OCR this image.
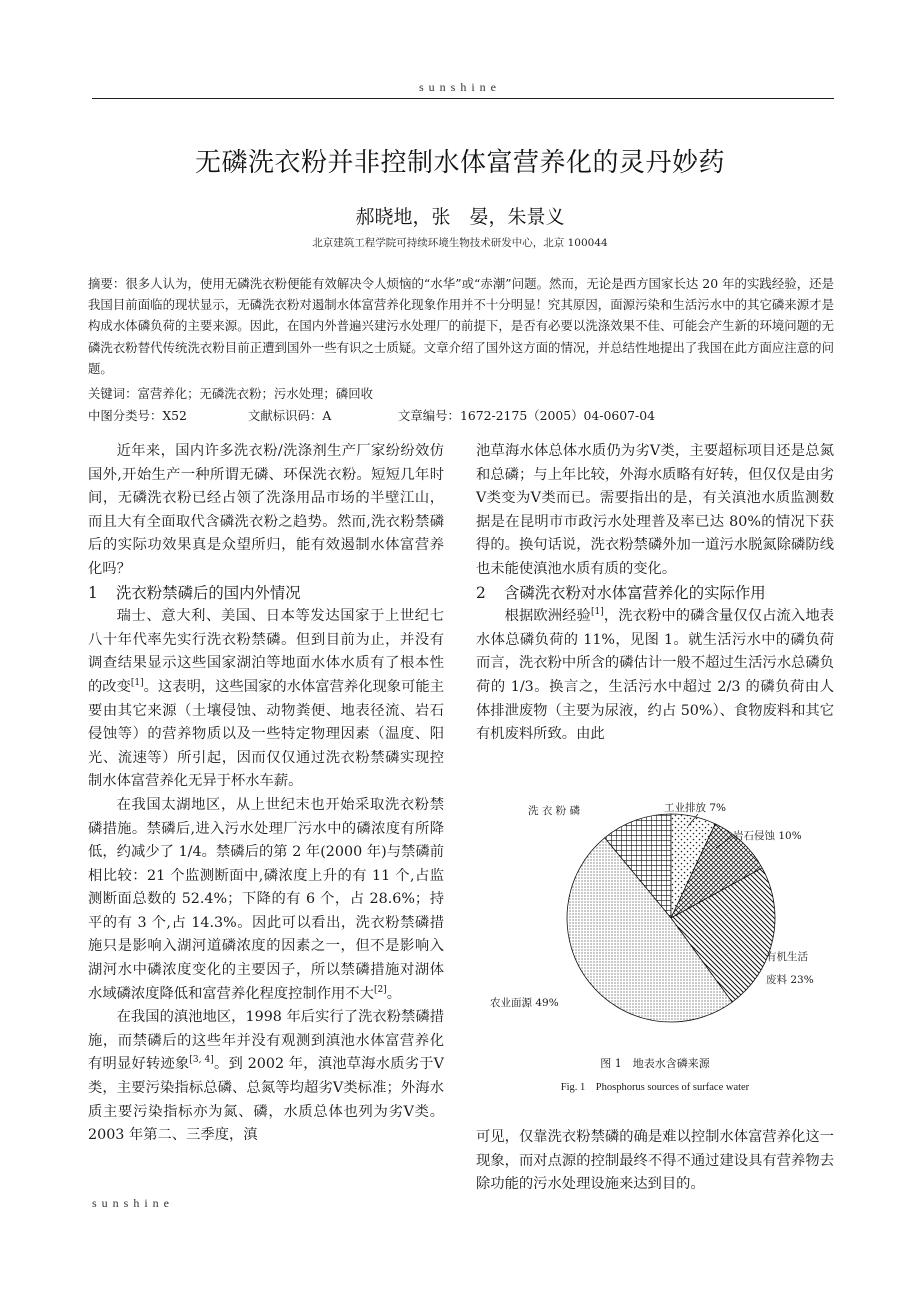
sunshine
无磷洗衣粉并非控制水体富营养化的灵丹妙药
郝晓地，张　晏，朱景义
北京建筑工程学院可持续环境生物技术研发中心，北京 100044
摘要：很多人认为，使用无磷洗衣粉便能有效解决令人烦恼的“水华”或“赤潮”问题。然而，无论是西方国家长达 20 年的实践经验，还是我国目前面临的现状显示，无磷洗衣粉对遏制水体富营养化现象作用并不十分明显！究其原因，面源污染和生活污水中的其它磷来源才是构成水体磷负荷的主要来源。因此，在国内外普遍兴建污水处理厂的前提下，是否有必要以洗涤效果不佳、可能会产生新的环境问题的无磷洗衣粉替代传统洗衣粉目前正遭到国外一些有识之士质疑。文章介绍了国外这方面的情况，并总结性地提出了我国在此方面应注意的问题。
关键词：富营养化；无磷洗衣粉；污水处理；磷回收
中图分类号：X52	文献标识码：A	文章编号：1672-2175（2005）04-0607-04

近年来，国内许多洗衣粉/洗涤剂生产厂家纷纷效仿国外,开始生产一种所谓无磷、环保洗衣粉。短短几年时间，无磷洗衣粉已经占领了洗涤用品市场的半壁江山，而且大有全面取代含磷洗衣粉之趋势。然而,洗衣粉禁磷后的实际功效果真是众望所归，能有效遏制水体富营养化吗？

1 洗衣粉禁磷后的国内外情况

瑞士、意大利、美国、日本等发达国家于上世纪七八十年代率先实行洗衣粉禁磷。但到目前为止，并没有调查结果显示这些国家湖泊等地面水体水质有了根本性的改变[1]。这表明，这些国家的水体富营养化现象可能主要由其它来源（土壤侵蚀、动物粪便、地表径流、岩石侵蚀等）的营养物质以及一些特定物理因素（温度、阳光、流速等）所引起，因而仅仅通过洗衣粉禁磷实现控制水体富营养化无异于杯水车薪。

在我国太湖地区，从上世纪末也开始采取洗衣粉禁磷措施。禁磷后,进入污水处理厂污水中的磷浓度有所降低，约减少了 1/4。禁磷后的第 2 年(2000 年)与禁磷前相比较：21 个监测断面中,磷浓度上升的有 11 个,占监测断面总数的 52.4%；下降的有 6 个，占 28.6%；持平的有 3 个,占 14.3%。因此可以看出，洗衣粉禁磷措施只是影响入湖河道磷浓度的因素之一，但不是影响入湖河水中磷浓度变化的主要因子，所以禁磷措施对湖体水域磷浓度降低和富营养化程度控制作用不大[2]。

在我国的滇池地区，1998 年后实行了洗衣粉禁磷措施，而禁磷后的这些年并没有观测到滇池水体富营养化有明显好转迹象[3, 4]。到 2002 年，滇池草海水质劣于V类，主要污染指标总磷、总氮等均超劣V类标准；外海水质主要污染指标亦为氮、磷，水质总体也列为劣Ⅴ类。2003 年第二、三季度，滇

池草海水体总体水质仍为劣V类，主要超标项目还是总氮和总磷；与上年比较，外海水质略有好转，但仅仅是由劣V类变为V类而已。需要指出的是，有关滇池水质监测数据是在昆明市市政污水处理普及率已达 80%的情况下获得的。换句话说，洗衣粉禁磷外加一道污水脱氮除磷防线也未能使滇池水质有质的变化。

2 含磷洗衣粉对水体富营养化的实际作用

根据欧洲经验[1]，洗衣粉中的磷含量仅仅占流入地表水体总磷负荷的 11%，见图 1。就生活污水中的磷负荷而言，洗衣粉中所含的磷估计一般不超过生活污水总磷负荷的 1/3。换言之，生活污水中超过 2/3 的磷负荷由人体排泄废物（主要为尿液，约占 50%）、食物废料和其它有机废料所致。由此

洗 衣 粉 磷	工业排放 7%
岩石侵蚀 10%
有机生活
废料 23%
农业面源 49%
图 1　地表水含磷来源
Fig. 1　Phosphorus sources of surface water

可见，仅靠洗衣粉禁磷的确是难以控制水体富营养化这一现象，而对点源的控制最终不得不通过建设具有营养物去除功能的污水处理设施来达到目的。

sunshine
